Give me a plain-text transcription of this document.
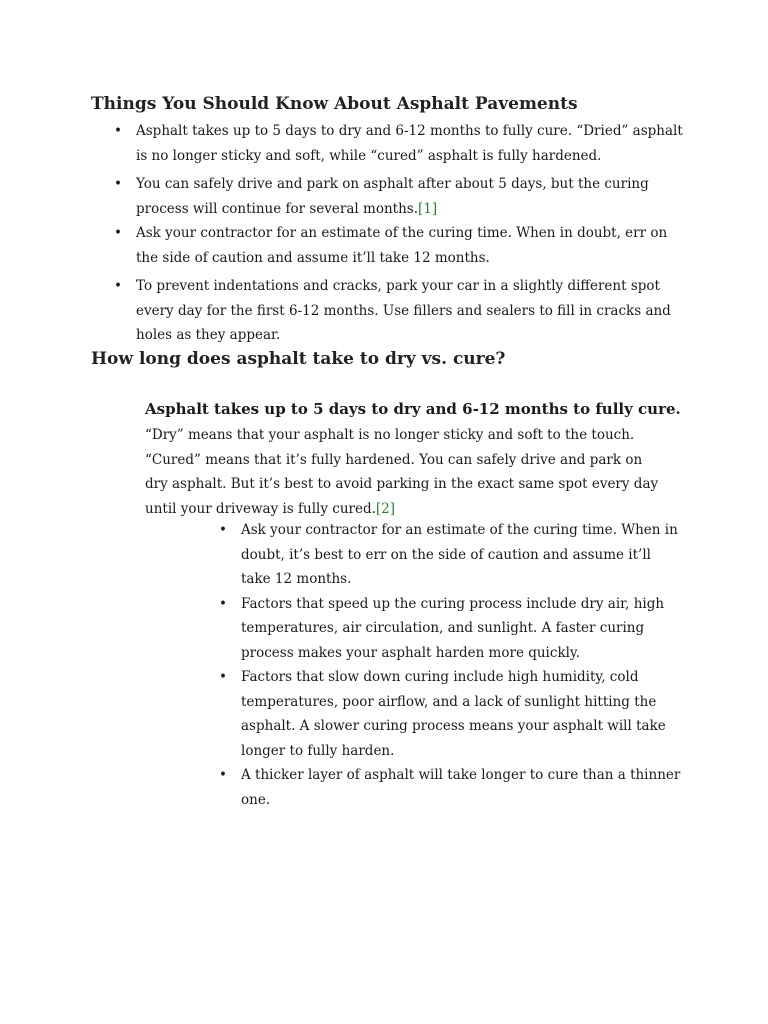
Things You Should Know About Asphalt Pavements
• Asphalt takes up to 5 days to dry and 6-12 months to fully cure. “Dried” asphalt is no longer sticky and soft, while “cured” asphalt is fully hardened.
• You can safely drive and park on asphalt after about 5 days, but the curing process will continue for several months.[1]
• Ask your contractor for an estimate of the curing time. When in doubt, err on the side of caution and assume it’ll take 12 months.
• To prevent indentations and cracks, park your car in a slightly different spot every day for the first 6-12 months. Use fillers and sealers to fill in cracks and holes as they appear.
How long does asphalt take to dry vs. cure?
Asphalt takes up to 5 days to dry and 6-12 months to fully cure.

“Dry” means that your asphalt is no longer sticky and soft to the touch. “Cured” means that it’s fully hardened. You can safely drive and park on dry asphalt. But it’s best to avoid parking in the exact same spot every day until your driveway is fully cured.[2]

• Ask your contractor for an estimate of the curing time. When in doubt, it’s best to err on the side of caution and assume it’ll take 12 months.
• Factors that speed up the curing process include dry air, high temperatures, air circulation, and sunlight. A faster curing process makes your asphalt harden more quickly.
• Factors that slow down curing include high humidity, cold temperatures, poor airflow, and a lack of sunlight hitting the asphalt. A slower curing process means your asphalt will take longer to fully harden.
• A thicker layer of asphalt will take longer to cure than a thinner one.
